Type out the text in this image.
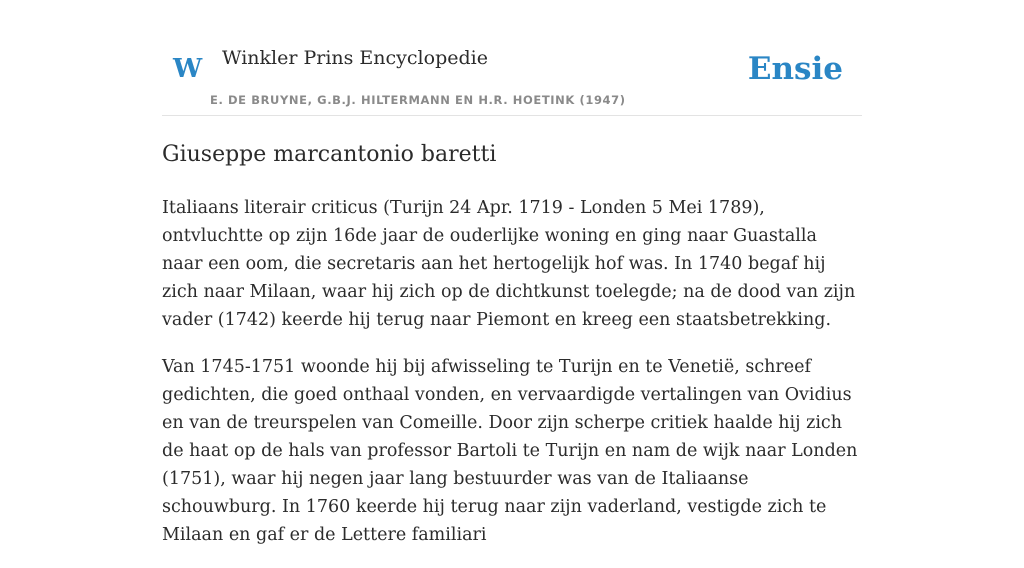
W Winkler Prins Encyclopedie
E. DE BRUYNE, G.B.J. HILTERMANN EN H.R. HOETINK (1947)
Ensie
Giuseppe marcantonio baretti

Italiaans literair criticus (Turijn 24 Apr. 1719 - Londen 5 Mei 1789), ontvluchtte op zijn 16de jaar de ouderlijke woning en ging naar Guastalla naar een oom, die secretaris aan het hertogelijk hof was. In 1740 begaf hij zich naar Milaan, waar hij zich op de dichtkunst toelegde; na de dood van zijn vader (1742) keerde hij terug naar Piemont en kreeg een staatsbetrekking.

Van 1745-1751 woonde hij bij afwisseling te Turijn en te Venetië, schreef gedichten, die goed onthaal vonden, en vervaardigde vertalingen van Ovidius en van de treurspelen van Comeille. Door zijn scherpe critiek haalde hij zich de haat op de hals van professor Bartoli te Turijn en nam de wijk naar Londen (1751), waar hij negen jaar lang bestuurder was van de Italiaanse schouwburg. In 1760 keerde hij terug naar zijn vaderland, vestigde zich te Milaan en gaf er de Lettere familiari
